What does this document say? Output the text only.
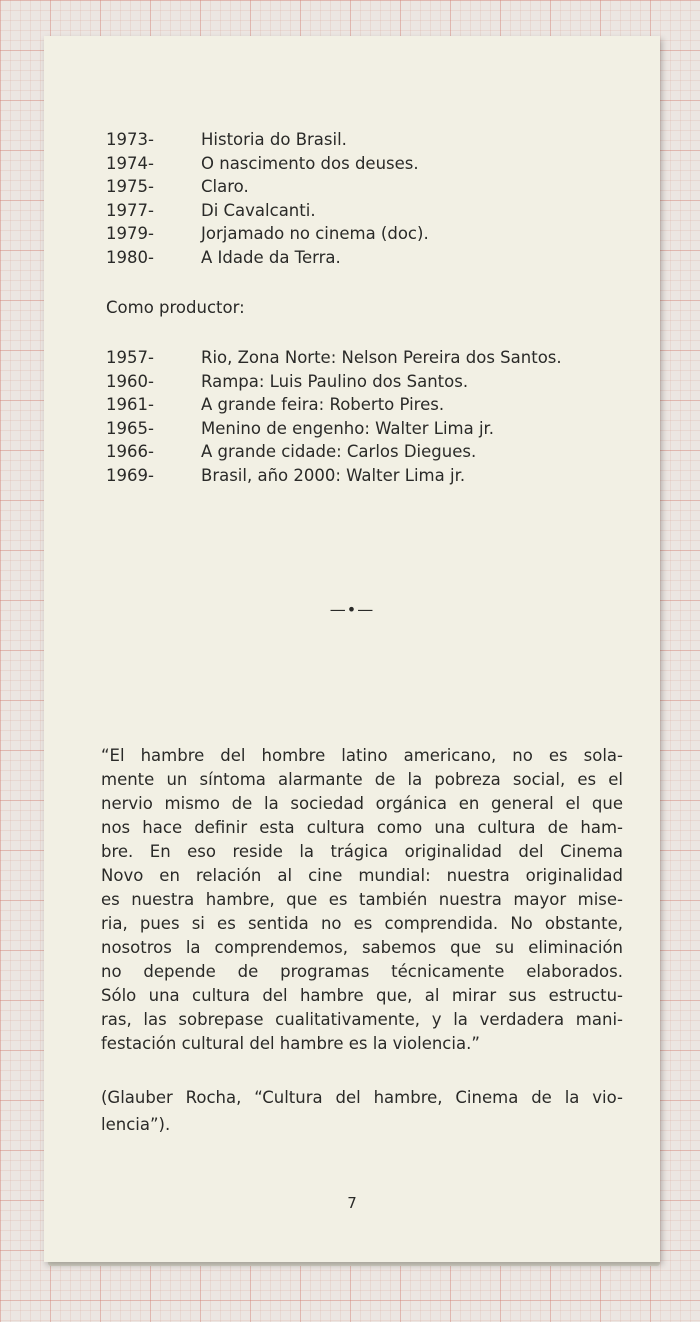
1973-	Historia do Brasil.
1974-	O nascimento dos deuses.
1975-	Claro.
1977-	Di Cavalcanti.
1979-	Jorjamado no cinema (doc).
1980-	A Idade da Terra.
Como productor:
1957-	Rio, Zona Norte: Nelson Pereira dos Santos.
1960-	Rampa: Luis Paulino dos Santos.
1961-	A grande feira: Roberto Pires.
1965-	Menino de engenho: Walter Lima jr.
1966-	A grande cidade: Carlos Diegues.
1969-	Brasil, año 2000: Walter Lima jr.
—•—
“El hambre del hombre latino americano, no es sola-
mente un síntoma alarmante de la pobreza social, es el
nervio mismo de la sociedad orgánica en general el que
nos hace definir esta cultura como una cultura de ham-
bre. En eso reside la trágica originalidad del Cinema
Novo en relación al cine mundial: nuestra originalidad
es nuestra hambre, que es también nuestra mayor mise-
ria, pues si es sentida no es comprendida. No obstante,
nosotros la comprendemos, sabemos que su eliminación
no depende de programas técnicamente elaborados.
Sólo una cultura del hambre que, al mirar sus estructu-
ras, las sobrepase cualitativamente, y la verdadera mani-
festación cultural del hambre es la violencia.”
(Glauber Rocha, “Cultura del hambre, Cinema de la vio-
lencia”).
7
